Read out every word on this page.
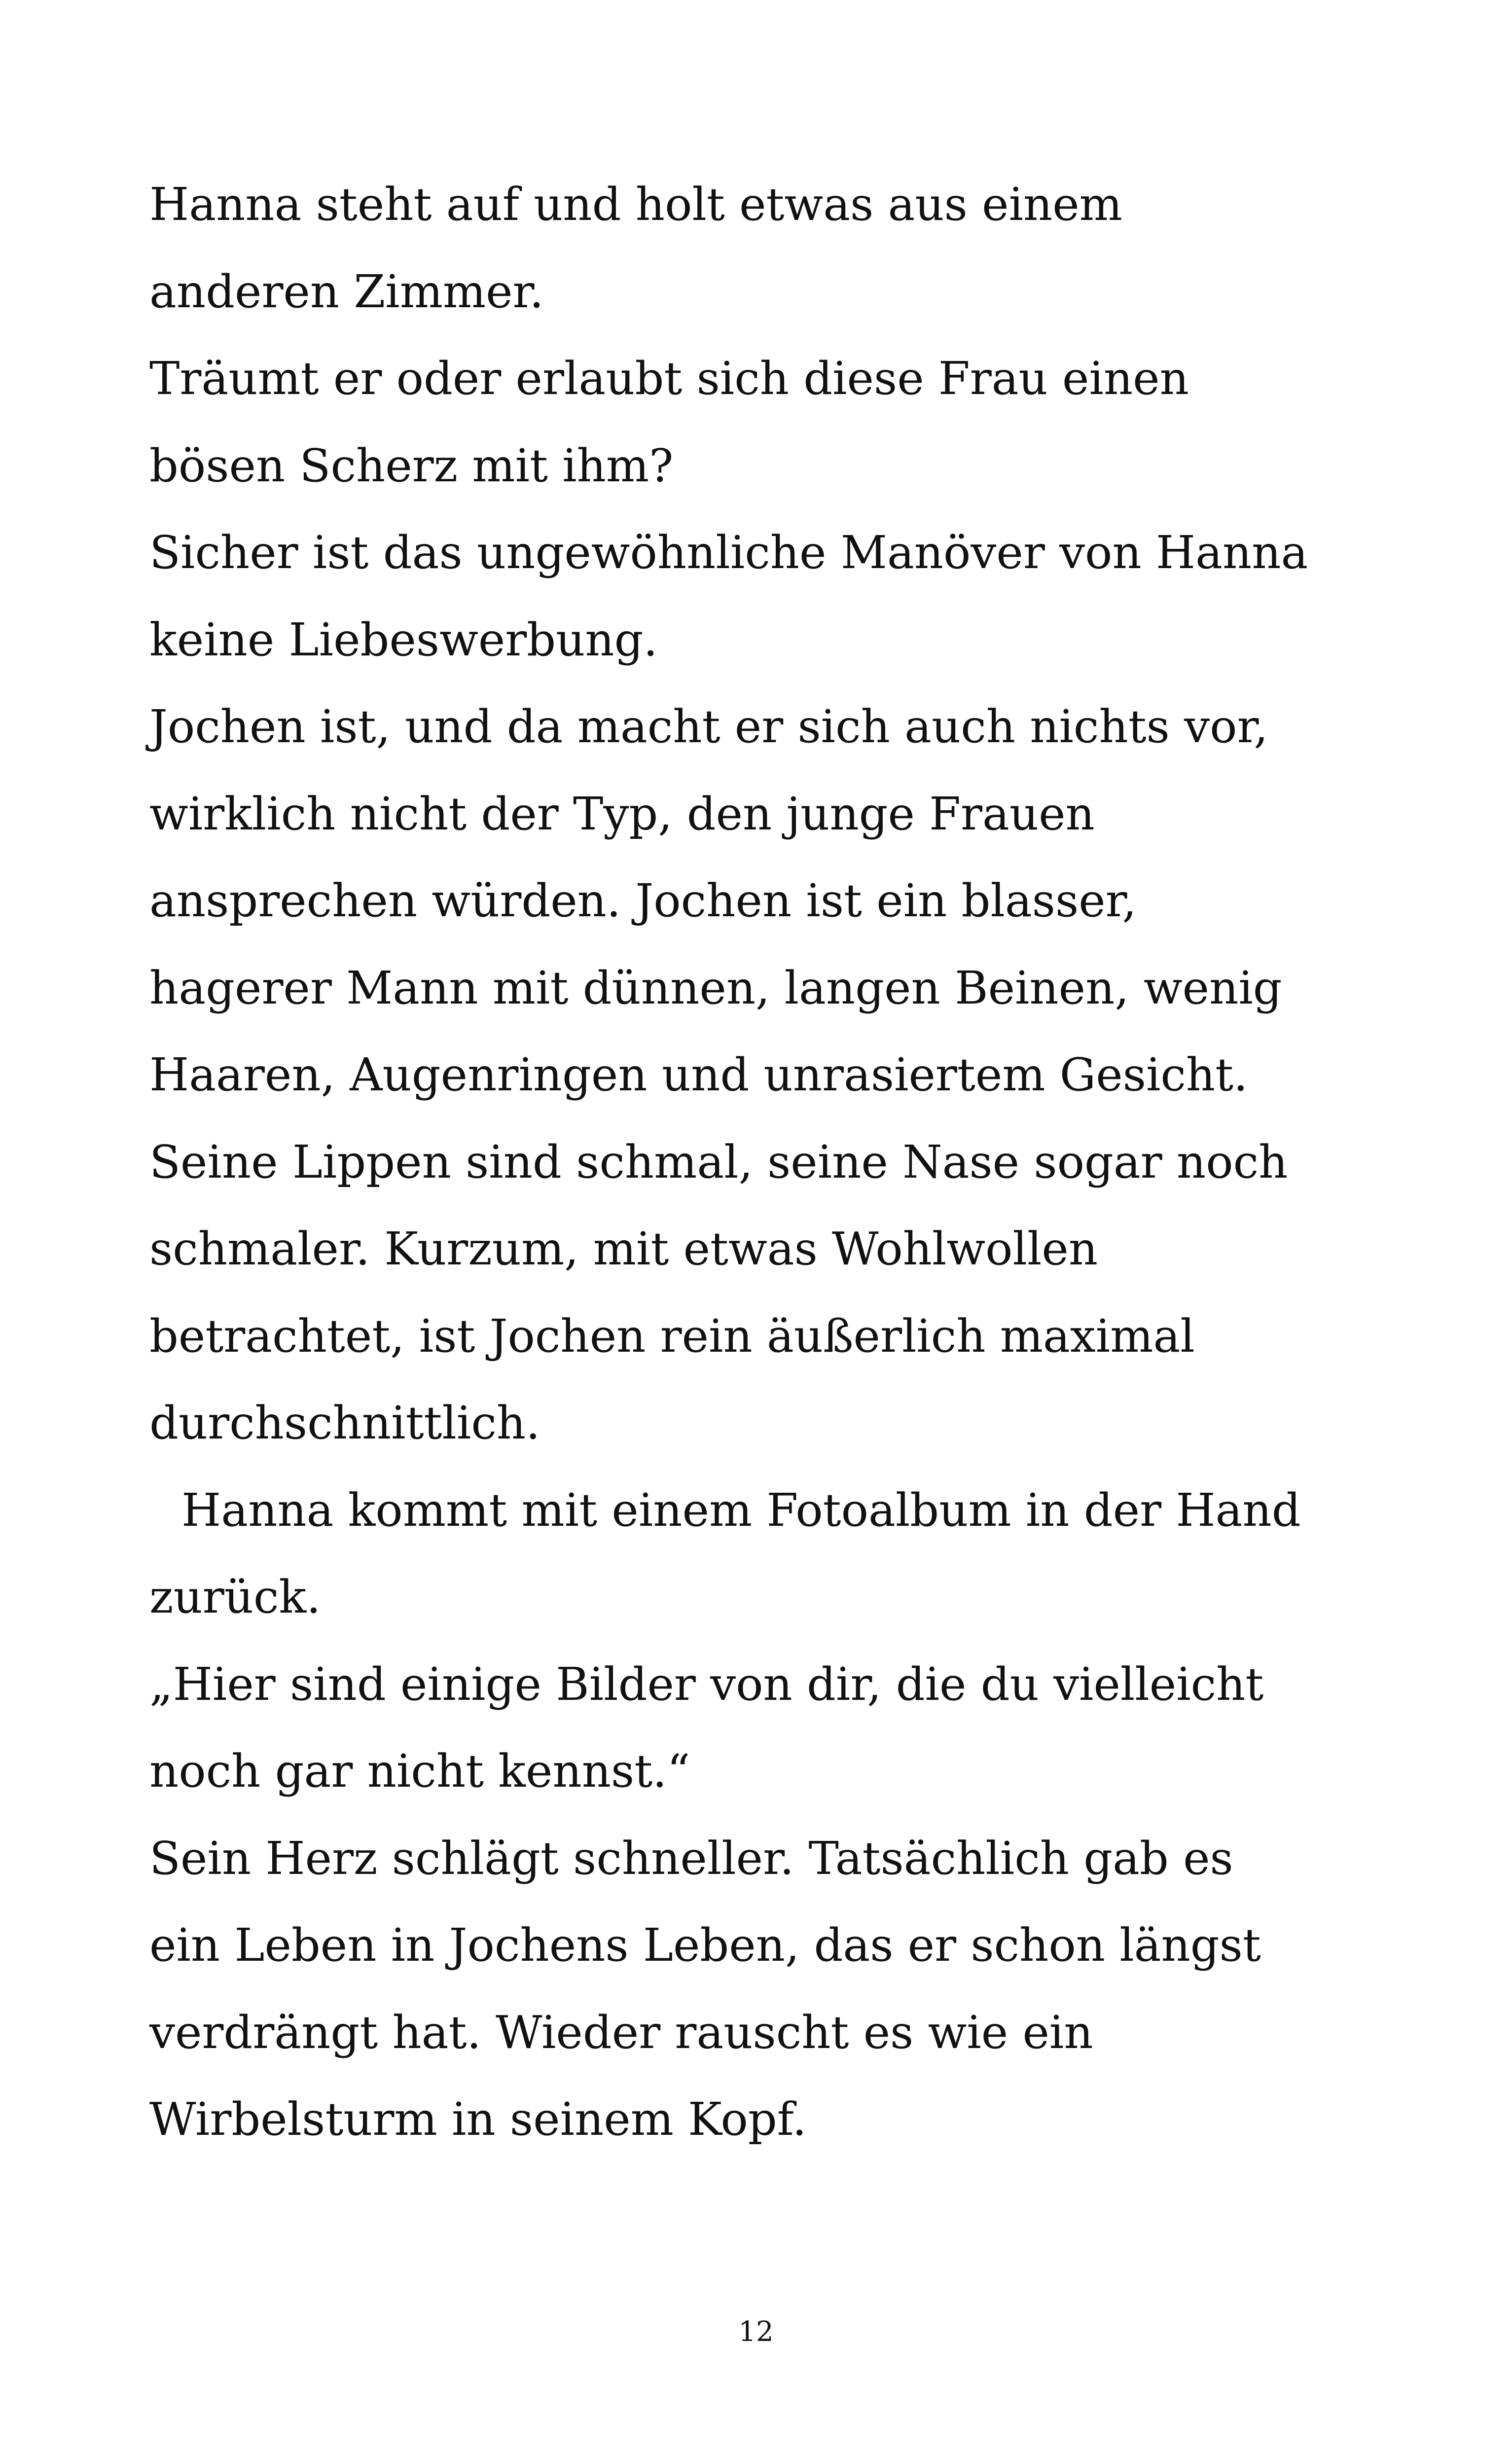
Hanna steht auf und holt etwas aus einem

anderen Zimmer.

Träumt er oder erlaubt sich diese Frau einen

bösen Scherz mit ihm?

Sicher ist das ungewöhnliche Manöver von Hanna

keine Liebeswerbung.

Jochen ist, und da macht er sich auch nichts vor,

wirklich nicht der Typ, den junge Frauen

ansprechen würden. Jochen ist ein blasser,

hagerer Mann mit dünnen, langen Beinen, wenig

Haaren, Augenringen und unrasiertem Gesicht.

Seine Lippen sind schmal, seine Nase sogar noch

schmaler. Kurzum, mit etwas Wohlwollen

betrachtet, ist Jochen rein äußerlich maximal

durchschnittlich.

Hanna kommt mit einem Fotoalbum in der Hand

zurück.

„Hier sind einige Bilder von dir, die du vielleicht

noch gar nicht kennst.“

Sein Herz schlägt schneller. Tatsächlich gab es

ein Leben in Jochens Leben, das er schon längst

verdrängt hat. Wieder rauscht es wie ein

Wirbelsturm in seinem Kopf.

12
